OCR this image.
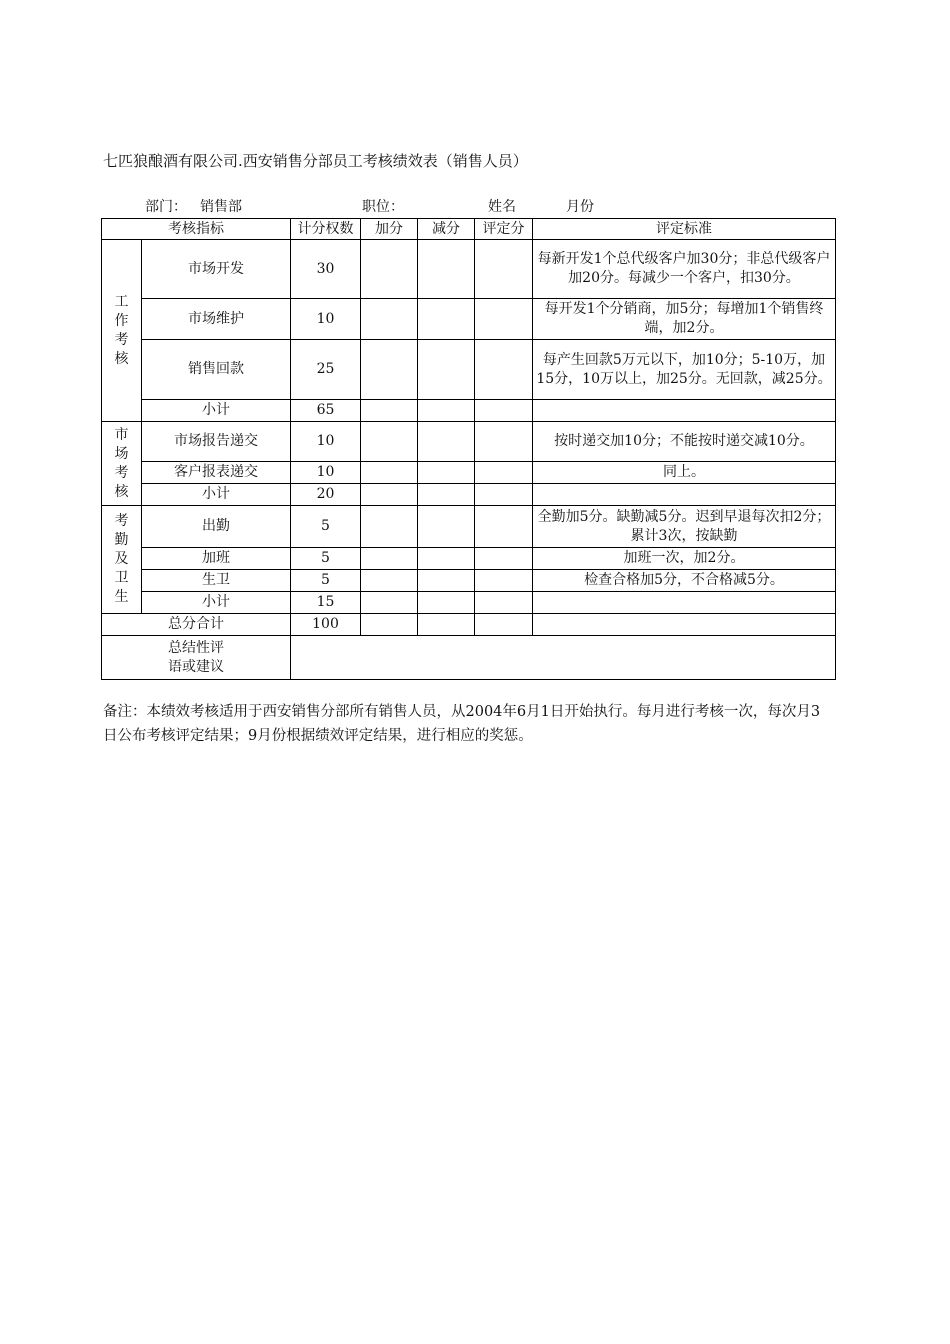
七匹狼酿酒有限公司.西安销售分部员工考核绩效表（销售人员）
部门： 销售部	职位：	姓名	月份
考核指标		计分权数	加分	减分	评定分	评定标准
工作考核	市场开发	30				每新开发1个总代级客户加30分；非总代级客户加20分。每减少一个客户，扣30分。
	市场维护	10				每开发1个分销商，加5分；每增加1个销售终端，加2分。
	销售回款	25				每产生回款5万元以下，加10分；5-10万，加15分，10万以上，加25分。无回款，减25分。
	小计	65				
市场考核	市场报告递交	10				按时递交加10分；不能按时递交减10分。
	客户报表递交	10				同上。
	小计	20				
考勤及卫生	出勤	5				全勤加5分。缺勤减5分。迟到早退每次扣2分；累计3次，按缺勤
	加班	5				加班一次，加2分。
	生卫	5				检查合格加5分，不合格减5分。
	小计	15				
总分合计		100				
总结性评语或建议						
备注：本绩效考核适用于西安销售分部所有销售人员，从2004年6月1日开始执行。每月进行考核一次，每次月3日公布考核评定结果；9月份根据绩效评定结果，进行相应的奖惩。
